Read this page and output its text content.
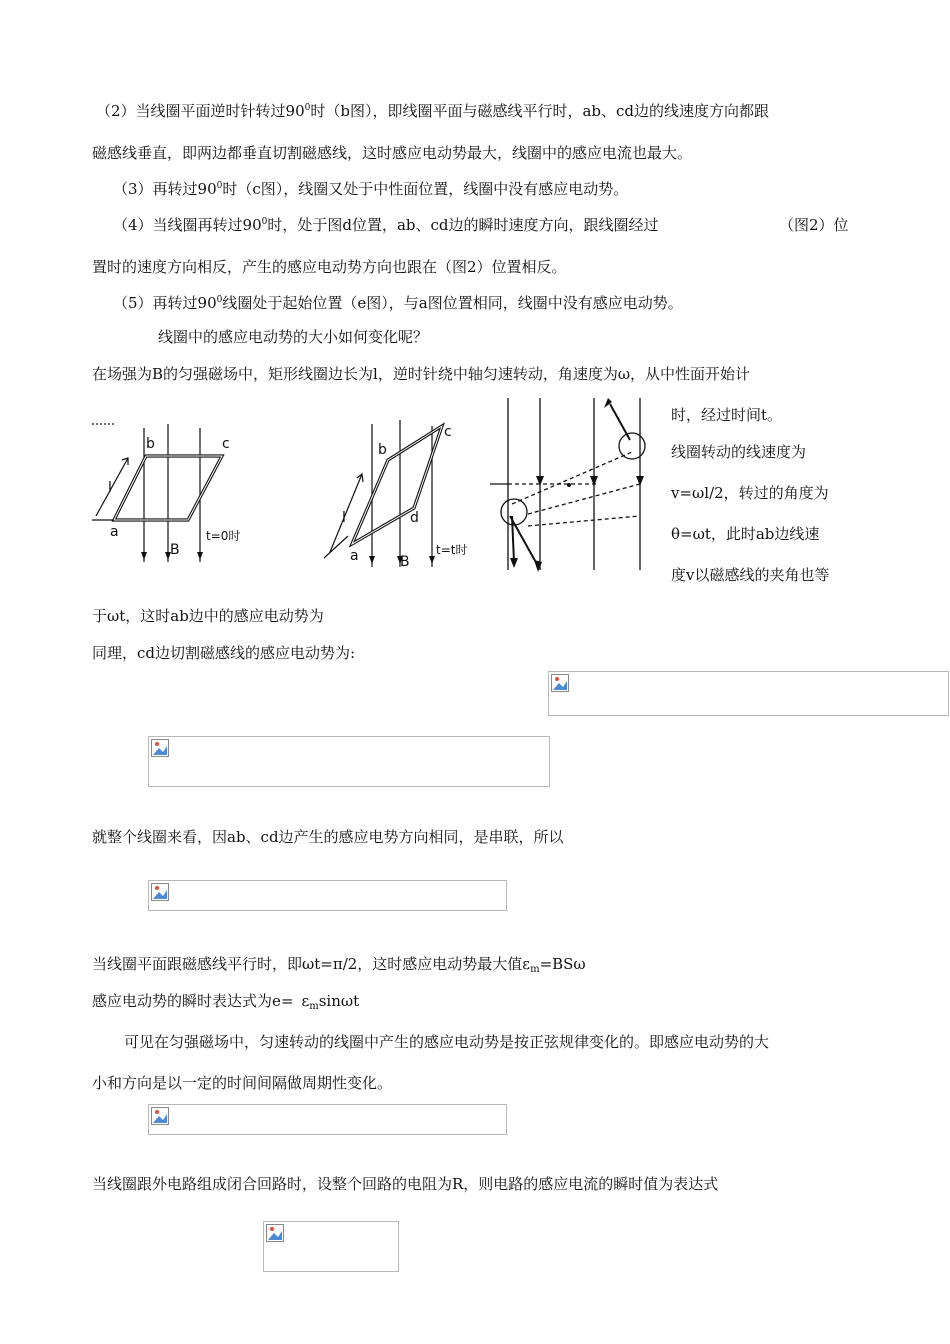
（2）当线圈平面逆时针转过$90^0$时（b图），即线圈平面与磁感线平行时，ab、cd边的线速度方向都跟
磁感线垂直，即两边都垂直切割磁感线，这时感应电动势最大，线圈中的感应电流也最大。
（3）再转过$90^0$时（c图），线圈又处于中性面位置，线圈中没有感应电动势。
（4）当线圈再转过$90^0$时，处于图d位置，ab、cd边的瞬时速度方向，跟线圈经过	（图2）位
置时的速度方向相反，产生的感应电动势方向也跟在（图2）位置相反。
（5）再转过$90^0$线圈处于起始位置（e图），与a图位置相同，线圈中没有感应电动势。
线圈中的感应电动势的大小如何变化呢？
在场强为B的匀强磁场中，矩形线圈边长为l，逆时针绕中轴匀速转动，角速度为ω，从中性面开始计
b	c
l
a
B
t=0时
b
c
l	d
a	B
t=t时
时，经过时间t。
线圈转动的线速度为
v=ωl/2，转过的角度为
θ=ωt，此时ab边线速
度v以磁感线的夹角也等
于ωt，这时ab边中的感应电动势为
同理，cd边切割磁感线的感应电动势为:
就整个线圈来看，因ab、cd边产生的感应电势方向相同，是串联，所以
当线圈平面跟磁感线平行时，即ωt=π/2，这时感应电动势最大值$\varepsilon_m=BS\omega$
感应电动势的瞬时表达式为$e= \varepsilon_m\sin\omega t$
可见在匀强磁场中，匀速转动的线圈中产生的感应电动势是按正弦规律变化的。即感应电动势的大
小和方向是以一定的时间间隔做周期性变化。
当线圈跟外电路组成闭合回路时，设整个回路的电阻为R，则电路的感应电流的瞬时值为表达式
